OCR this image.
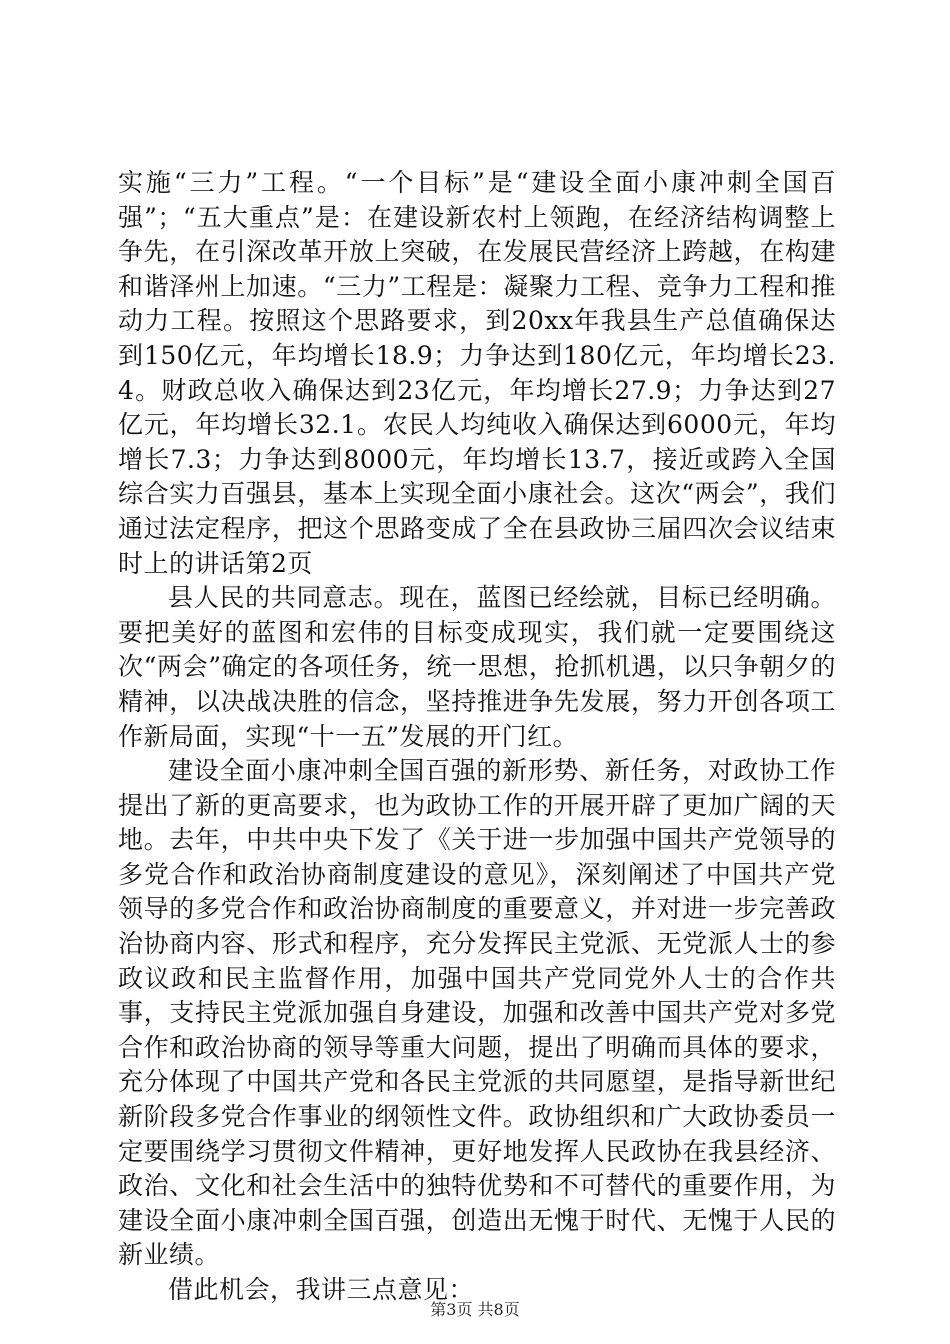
实施“三力”工程。“一个目标”是“建设全面小康冲刺全国百强”；“五大重点”是：在建设新农村上领跑，在经济结构调整上争先，在引深改革开放上突破，在发展民营经济上跨越，在构建和谐泽州上加速。“三力”工程是：凝聚力工程、竞争力工程和推动力工程。按照这个思路要求，到20xx年我县生产总值确保达到150亿元，年均增长18.9；力争达到180亿元，年均增长23.4。财政总收入确保达到23亿元，年均增长27.9；力争达到27亿元，年均增长32.1。农民人均纯收入确保达到6000元，年均增长7.3；力争达到8000元，年均增长13.7，接近或跨入全国综合实力百强县，基本上实现全面小康社会。这次“两会”，我们通过法定程序，把这个思路变成了全在县政协三届四次会议结束时上的讲话第2页

县人民的共同意志。现在，蓝图已经绘就，目标已经明确。要把美好的蓝图和宏伟的目标变成现实，我们就一定要围绕这次“两会”确定的各项任务，统一思想，抢抓机遇，以只争朝夕的精神，以决战决胜的信念，坚持推进争先发展，努力开创各项工作新局面，实现“十一五”发展的开门红。

建设全面小康冲刺全国百强的新形势、新任务，对政协工作提出了新的更高要求，也为政协工作的开展开辟了更加广阔的天地。去年，中共中央下发了《关于进一步加强中国共产党领导的多党合作和政治协商制度建设的意见》，深刻阐述了中国共产党领导的多党合作和政治协商制度的重要意义，并对进一步完善政治协商内容、形式和程序，充分发挥民主党派、无党派人士的参政议政和民主监督作用，加强中国共产党同党外人士的合作共事，支持民主党派加强自身建设，加强和改善中国共产党对多党合作和政治协商的领导等重大问题，提出了明确而具体的要求，充分体现了中国共产党和各民主党派的共同愿望，是指导新世纪新阶段多党合作事业的纲领性文件。政协组织和广大政协委员一定要围绕学习贯彻文件精神，更好地发挥人民政协在我县经济、政治、文化和社会生活中的独特优势和不可替代的重要作用，为建设全面小康冲刺全国百强，创造出无愧于时代、无愧于人民的新业绩。

借此机会，我讲三点意见：

第3页 共8页
